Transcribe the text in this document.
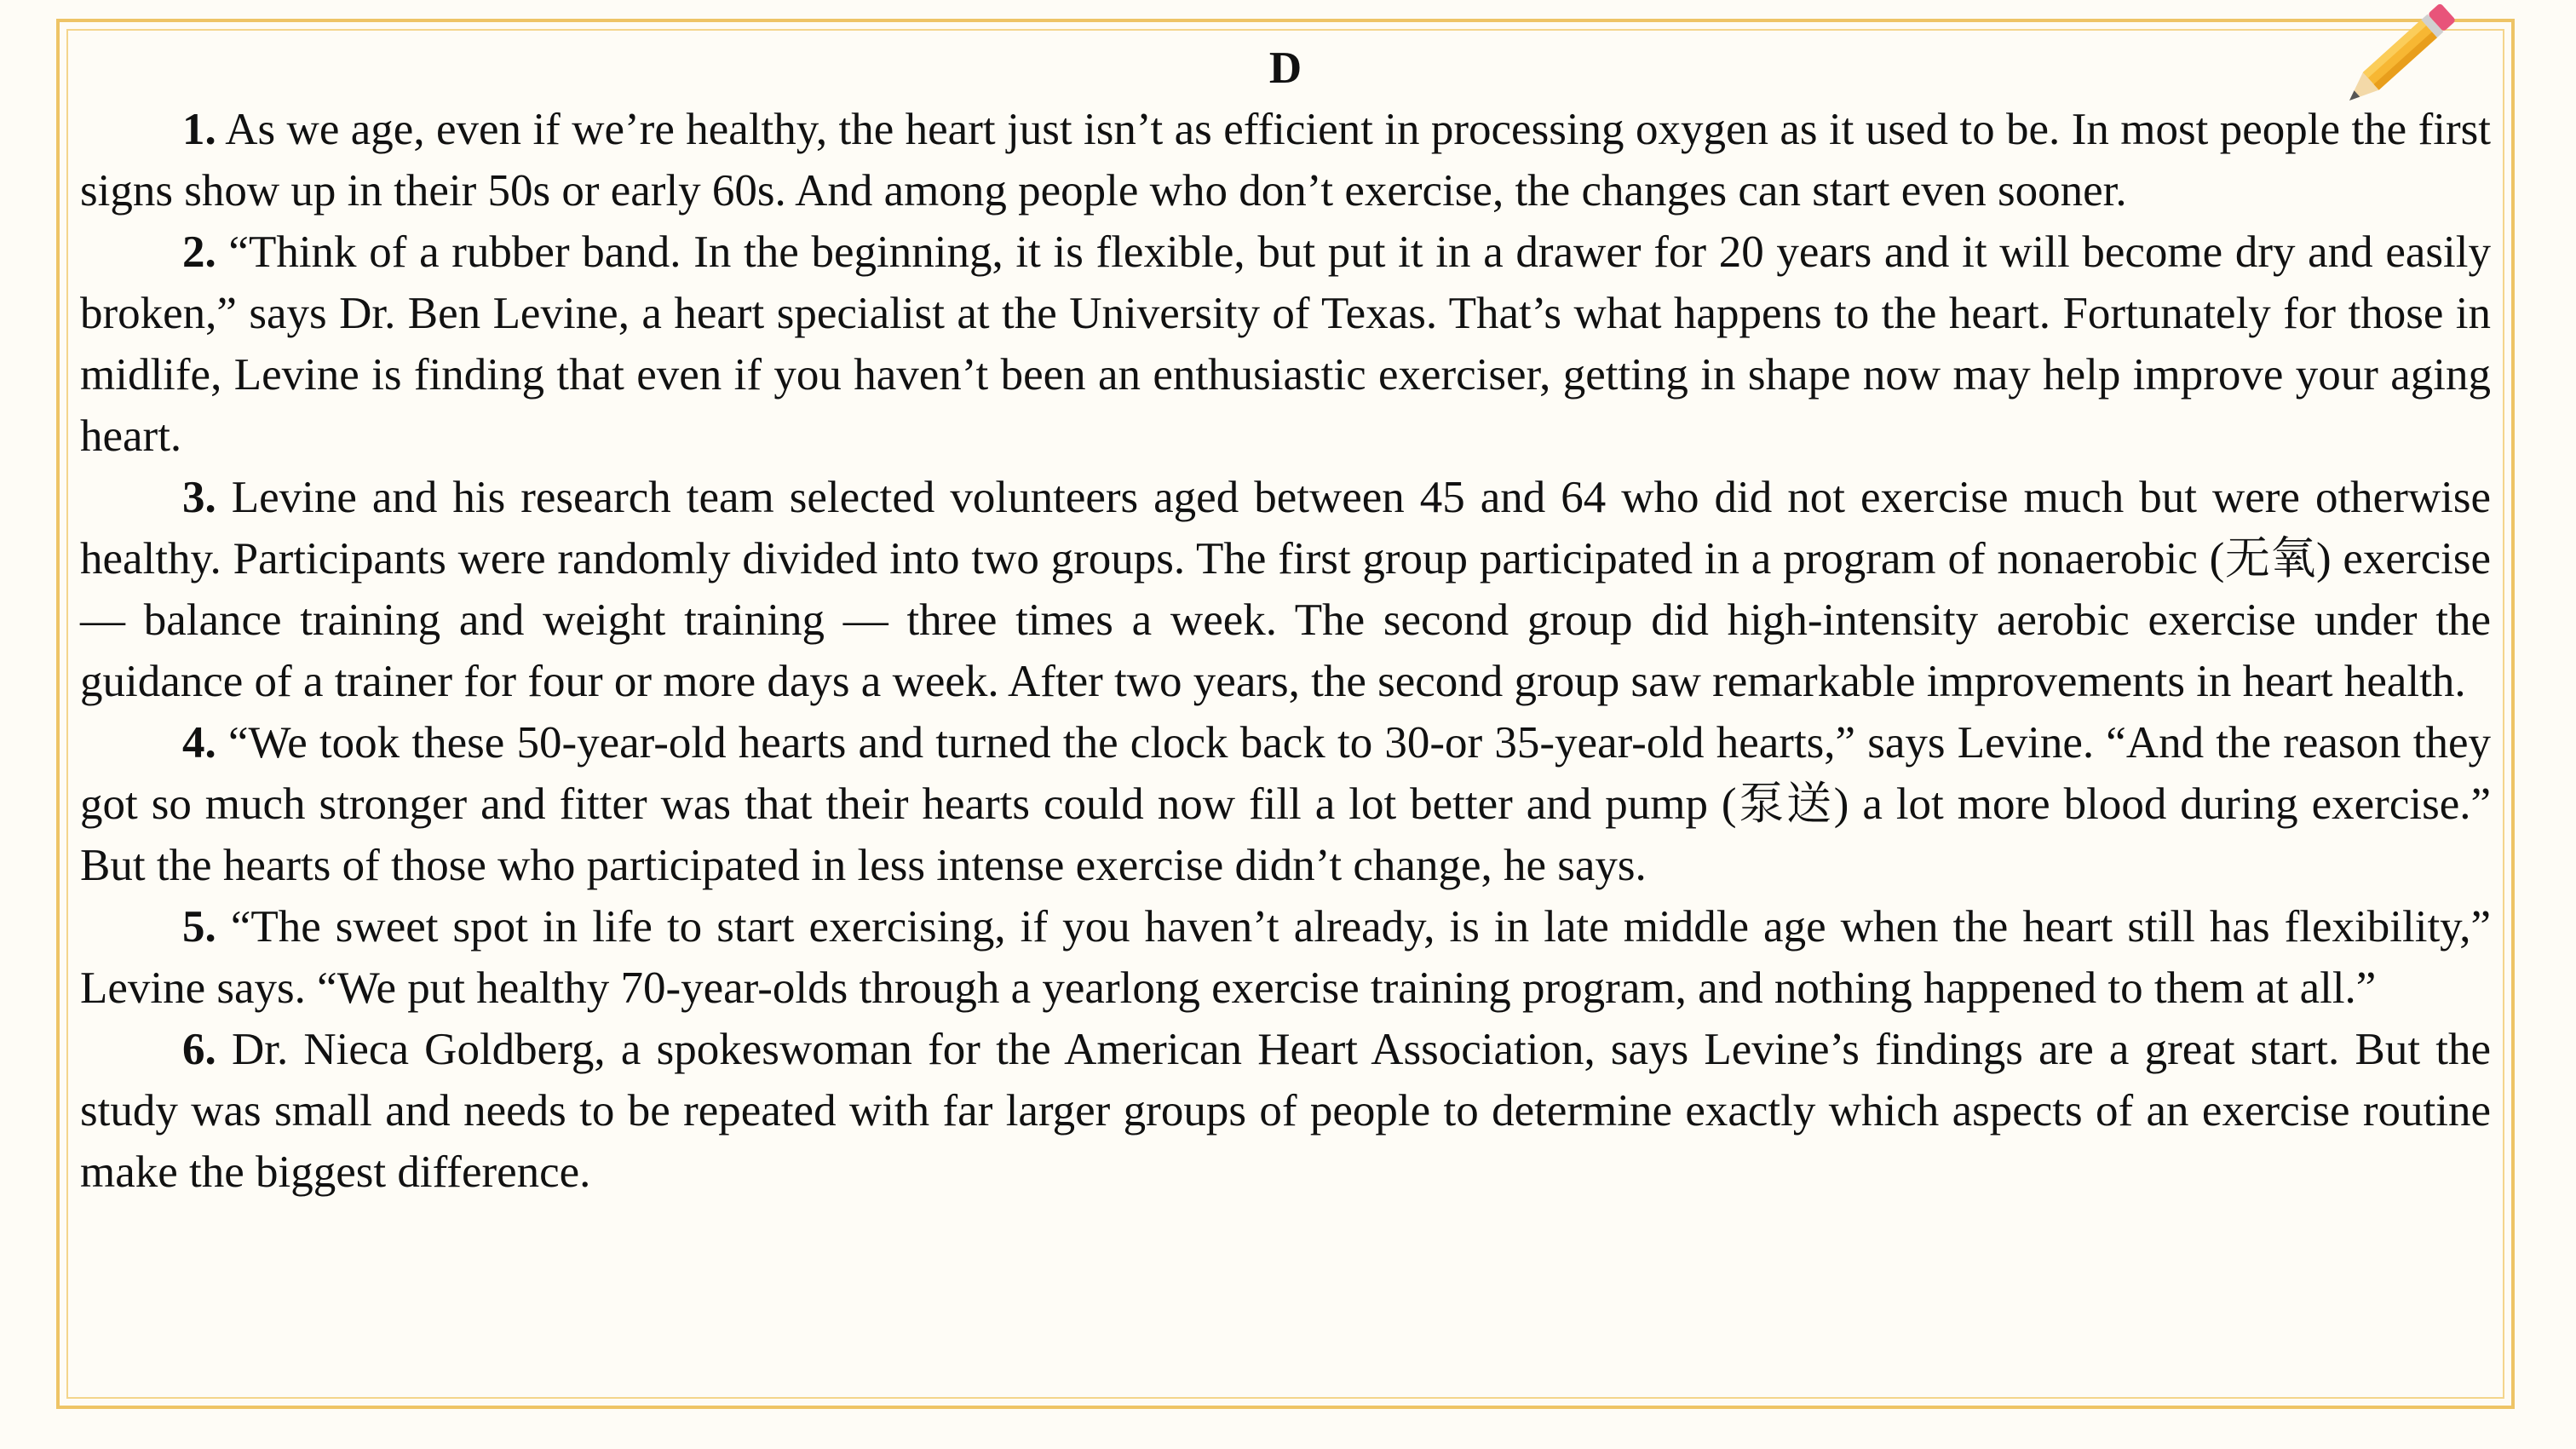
D

1. As we age, even if we’re healthy, the heart just isn’t as efficient in processing oxygen as it used to be. In most people the first signs show up in their 50s or early 60s. And among people who don’t exercise, the changes can start even sooner.

2. “Think of a rubber band. In the beginning, it is flexible, but put it in a drawer for 20 years and it will become dry and easily broken,” says Dr. Ben Levine, a heart specialist at the University of Texas. That’s what happens to the heart. Fortunately for those in midlife, Levine is finding that even if you haven’t been an enthusiastic exerciser, getting in shape now may help improve your aging heart.

3. Levine and his research team selected volunteers aged between 45 and 64 who did not exercise much but were otherwise healthy. Participants were randomly divided into two groups. The first group participated in a program of nonaerobic (无氧) exercise — balance training and weight training — three times a week. The second group did high-intensity aerobic exercise under the guidance of a trainer for four or more days a week. After two years, the second group saw remarkable improvements in heart health.

4. “We took these 50-year-old hearts and turned the clock back to 30-or 35-year-old hearts,” says Levine. “And the reason they got so much stronger and fitter was that their hearts could now fill a lot better and pump (泵送) a lot more blood during exercise.” But the hearts of those who participated in less intense exercise didn’t change, he says.

5. “The sweet spot in life to start exercising, if you haven’t already, is in late middle age when the heart still has flexibility,” Levine says. “We put healthy 70-year-olds through a yearlong exercise training program, and nothing happened to them at all.”

6. Dr. Nieca Goldberg, a spokeswoman for the American Heart Association, says Levine’s findings are a great start. But the study was small and needs to be repeated with far larger groups of people to determine exactly which aspects of an exercise routine make the biggest difference.
